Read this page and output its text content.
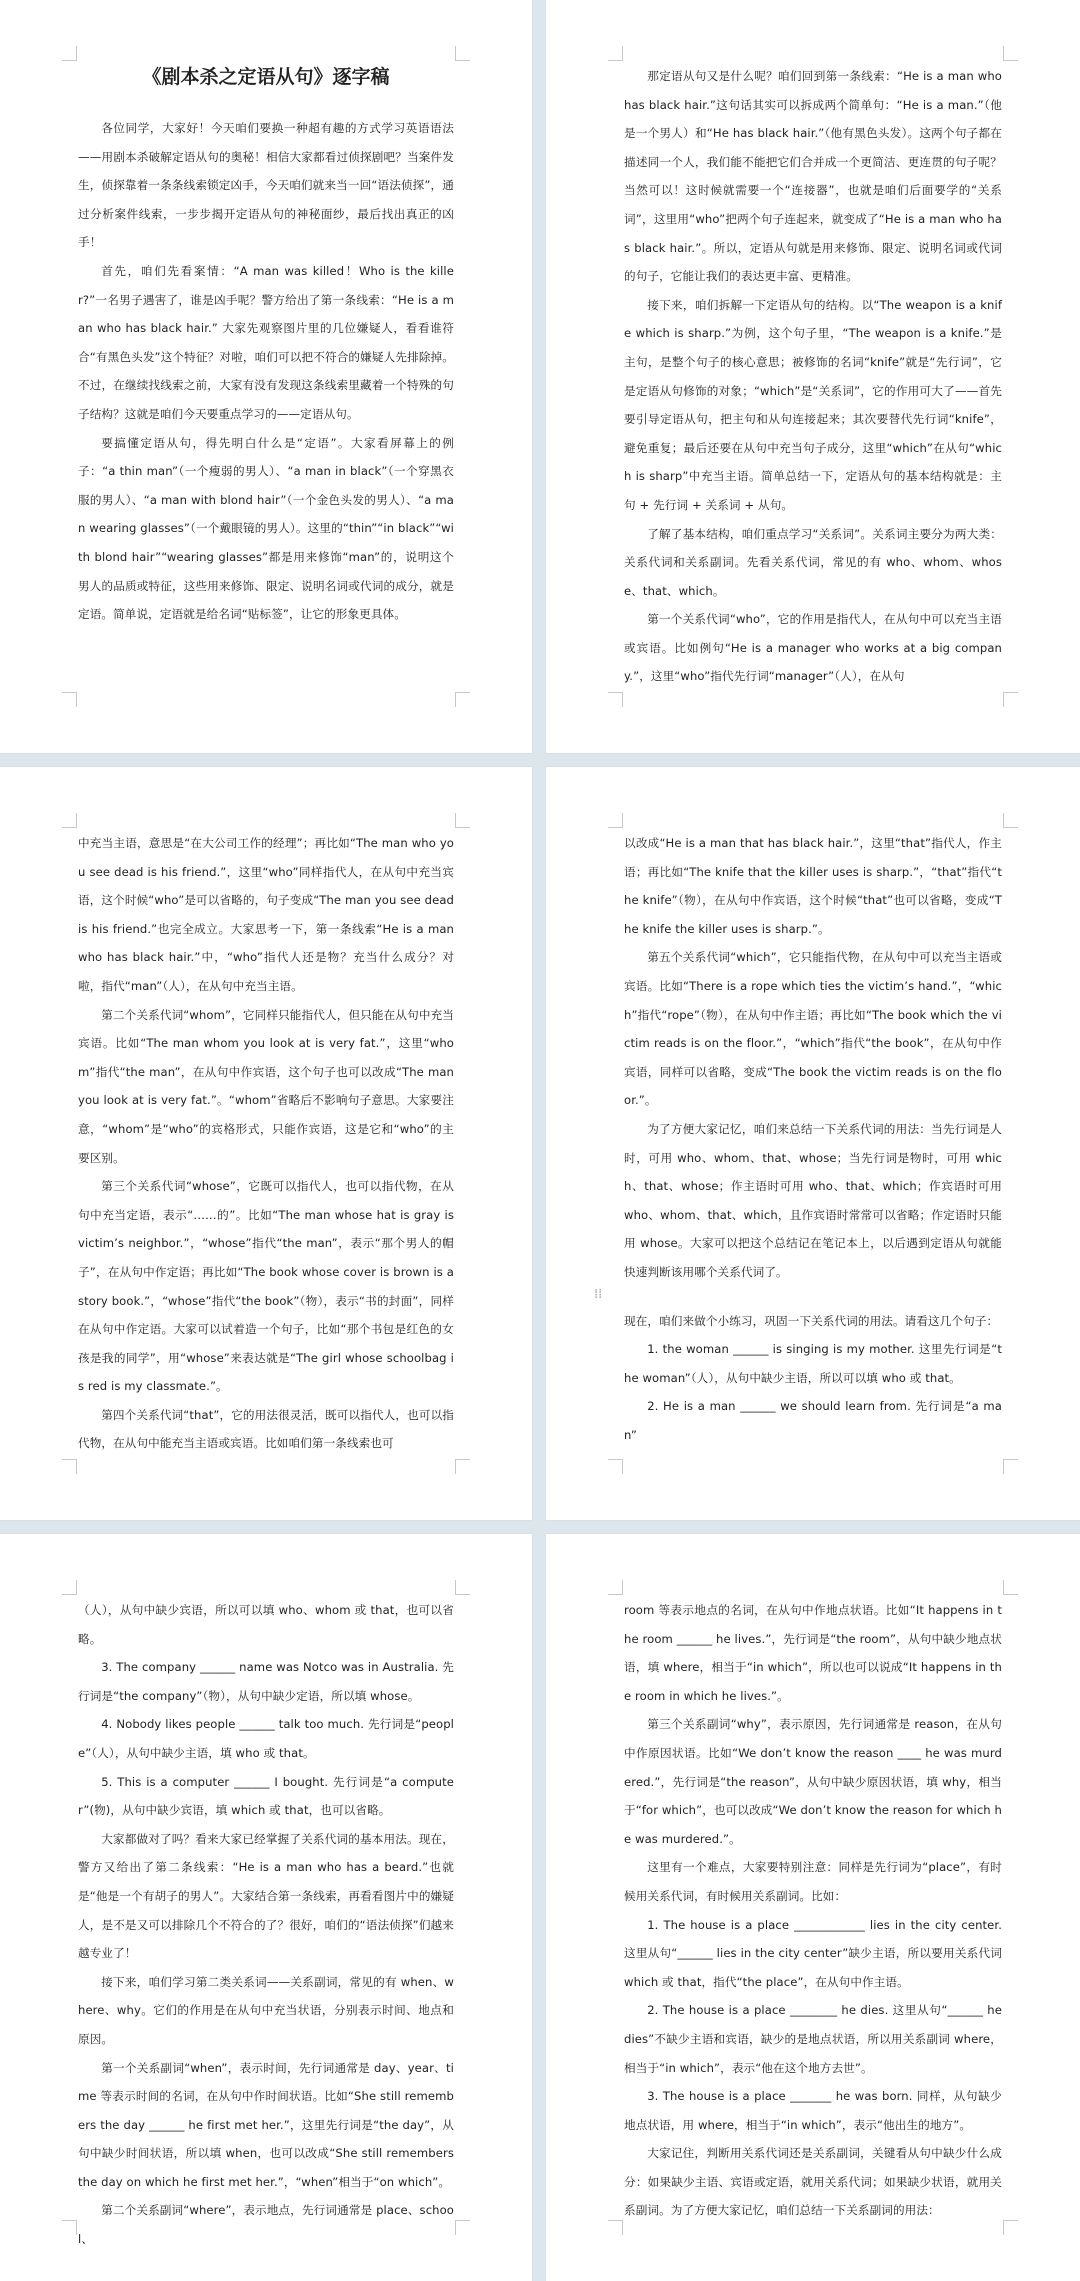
《剧本杀之定语从句》逐字稿

各位同学，大家好！今天咱们要换一种超有趣的方式学习英语语法——用剧本杀破解定语从句的奥秘！相信大家都看过侦探剧吧？当案件发生，侦探靠着一条条线索锁定凶手，今天咱们就来当一回“语法侦探”，通过分析案件线索，一步步揭开定语从句的神秘面纱，最后找出真正的凶手！

首先，咱们先看案情：“A man was killed！Who is the killer?”一名男子遇害了，谁是凶手呢？警方给出了第一条线索：“He is a man who has black hair.” 大家先观察图片里的几位嫌疑人，看看谁符合“有黑色头发”这个特征？对啦，咱们可以把不符合的嫌疑人先排除掉。不过，在继续找线索之前，大家有没有发现这条线索里藏着一个特殊的句子结构？这就是咱们今天要重点学习的——定语从句。

要搞懂定语从句，得先明白什么是“定语”。大家看屏幕上的例子：“a thin man”（一个瘦弱的男人）、“a man in black”（一个穿黑衣服的男人）、“a man with blond hair”（一个金色头发的男人）、“a man wearing glasses”（一个戴眼镜的男人）。这里的“thin”“in black”“with blond hair”“wearing glasses”都是用来修饰“man”的，说明这个男人的品质或特征，这些用来修饰、限定、说明名词或代词的成分，就是定语。简单说，定语就是给名词“贴标签”，让它的形象更具体。

那定语从句又是什么呢？咱们回到第一条线索：“He is a man who has black hair.”这句话其实可以拆成两个简单句：“He is a man.”（他是一个男人）和“He has black hair.”（他有黑色头发）。这两个句子都在描述同一个人，我们能不能把它们合并成一个更简洁、更连贯的句子呢？当然可以！这时候就需要一个“连接器”，也就是咱们后面要学的“关系词”，这里用“who”把两个句子连起来，就变成了“He is a man who has black hair.”。所以，定语从句就是用来修饰、限定、说明名词或代词的句子，它能让我们的表达更丰富、更精准。

接下来，咱们拆解一下定语从句的结构。以“The weapon is a knife which is sharp.”为例，这个句子里，“The weapon is a knife.”是主句，是整个句子的核心意思；被修饰的名词“knife”就是“先行词”，它是定语从句修饰的对象；“which”是“关系词”，它的作用可大了——首先要引导定语从句，把主句和从句连接起来；其次要替代先行词“knife”，避免重复；最后还要在从句中充当句子成分，这里“which”在从句“which is sharp”中充当主语。简单总结一下，定语从句的基本结构就是：主句 + 先行词 + 关系词 + 从句。

了解了基本结构，咱们重点学习“关系词”。关系词主要分为两大类：关系代词和关系副词。先看关系代词，常见的有 who、whom、whose、that、which。

第一个关系代词“who”，它的作用是指代人，在从句中可以充当主语或宾语。比如例句“He is a manager who works at a big company.”，这里“who”指代先行词“manager”（人），在从句

中充当主语，意思是“在大公司工作的经理”；再比如“The man who you see dead is his friend.”，这里“who”同样指代人，在从句中充当宾语，这个时候“who”是可以省略的，句子变成“The man you see dead is his friend.”也完全成立。大家思考一下，第一条线索“He is a man who has black hair.”中，“who”指代人还是物？充当什么成分？对啦，指代“man”（人），在从句中充当主语。

第二个关系代词“whom”，它同样只能指代人，但只能在从句中充当宾语。比如“The man whom you look at is very fat.”，这里“whom”指代“the man”，在从句中作宾语，这个句子也可以改成“The man you look at is very fat.”。“whom”省略后不影响句子意思。大家要注意，“whom”是“who”的宾格形式，只能作宾语，这是它和“who”的主要区别。

第三个关系代词“whose”，它既可以指代人，也可以指代物，在从句中充当定语，表示“……的”。比如“The man whose hat is gray is victim’s neighbor.”，“whose”指代“the man”，表示“那个男人的帽子”，在从句中作定语；再比如“The book whose cover is brown is a story book.”，“whose”指代“the book”（物），表示“书的封面”，同样在从句中作定语。大家可以试着造一个句子，比如“那个书包是红色的女孩是我的同学”，用“whose”来表达就是“The girl whose schoolbag is red is my classmate.”。

第四个关系代词“that”，它的用法很灵活，既可以指代人，也可以指代物，在从句中能充当主语或宾语。比如咱们第一条线索也可

以改成“He is a man that has black hair.”，这里“that”指代人，作主语；再比如“The knife that the killer uses is sharp.”，“that”指代“the knife”（物），在从句中作宾语，这个时候“that”也可以省略，变成“The knife the killer uses is sharp.”。

第五个关系代词“which”，它只能指代物，在从句中可以充当主语或宾语。比如“There is a rope which ties the victim’s hand.”，“which”指代“rope”（物），在从句中作主语；再比如“The book which the victim reads is on the floor.”，“which”指代“the book”，在从句中作宾语，同样可以省略，变成“The book the victim reads is on the floor.”。

为了方便大家记忆，咱们来总结一下关系代词的用法：当先行词是人时，可用 who、whom、that、whose；当先行词是物时，可用 which、that、whose；作主语时可用 who、that、which；作宾语时可用 who、whom、that、which，且作宾语时常常可以省略；作定语时只能用 whose。大家可以把这个总结记在笔记本上，以后遇到定语从句就能快速判断该用哪个关系代词了。

现在，咱们来做个小练习，巩固一下关系代词的用法。请看这几个句子：

1. the woman ______ is singing is my mother. 这里先行词是“the woman”（人），从句中缺少主语，所以可以填 who 或 that。

2. He is a man ______ we should learn from. 先行词是“a man”

⁞⁞

（人），从句中缺少宾语，所以可以填 who、whom 或 that，也可以省略。

3. The company ______ name was Notco was in Australia. 先行词是“the company”（物），从句中缺少定语，所以填 whose。

4. Nobody likes people ______ talk too much. 先行词是“people”（人），从句中缺少主语，填 who 或 that。

5. This is a computer ______ I bought. 先行词是“a computer”(物)，从句中缺少宾语，填 which 或 that，也可以省略。

大家都做对了吗？看来大家已经掌握了关系代词的基本用法。现在，警方又给出了第二条线索：“He is a man who has a beard.”也就是“他是一个有胡子的男人”。大家结合第一条线索，再看看图片中的嫌疑人，是不是又可以排除几个不符合的了？很好，咱们的“语法侦探”们越来越专业了！

接下来，咱们学习第二类关系词——关系副词，常见的有 when、where、why。它们的作用是在从句中充当状语，分别表示时间、地点和原因。

第一个关系副词“when”，表示时间，先行词通常是 day、year、time 等表示时间的名词，在从句中作时间状语。比如“She still remembers the day ______ he first met her.”，这里先行词是“the day”，从句中缺少时间状语，所以填 when，也可以改成“She still remembers the day on which he first met her.”，“when”相当于“on which”。

第二个关系副词“where”，表示地点，先行词通常是 place、school、

room 等表示地点的名词，在从句中作地点状语。比如“It happens in the room ______ he lives.”，先行词是“the room”，从句中缺少地点状语，填 where，相当于“in which”，所以也可以说成“It happens in the room in which he lives.”。

第三个关系副词“why”，表示原因，先行词通常是 reason，在从句中作原因状语。比如“We don’t know the reason ____ he was murdered.”，先行词是“the reason”，从句中缺少原因状语，填 why，相当于“for which”，也可以改成“We don’t know the reason for which he was murdered.”。

这里有一个难点，大家要特别注意：同样是先行词为“place”，有时候用关系代词，有时候用关系副词。比如：

1. The house is a place ____________ lies in the city center. 这里从句“______ lies in the city center”缺少主语，所以要用关系代词 which 或 that，指代“the place”，在从句中作主语。

2. The house is a place ________ he dies. 这里从句“______ he dies”不缺少主语和宾语，缺少的是地点状语，所以用关系副词 where，相当于“in which”，表示“他在这个地方去世”。

3. The house is a place _______ he was born. 同样，从句缺少地点状语，用 where，相当于“in which”，表示“他出生的地方”。

大家记住，判断用关系代词还是关系副词，关键看从句中缺少什么成分：如果缺少主语、宾语或定语，就用关系代词；如果缺少状语，就用关系副词。为了方便大家记忆，咱们总结一下关系副词的用法：
